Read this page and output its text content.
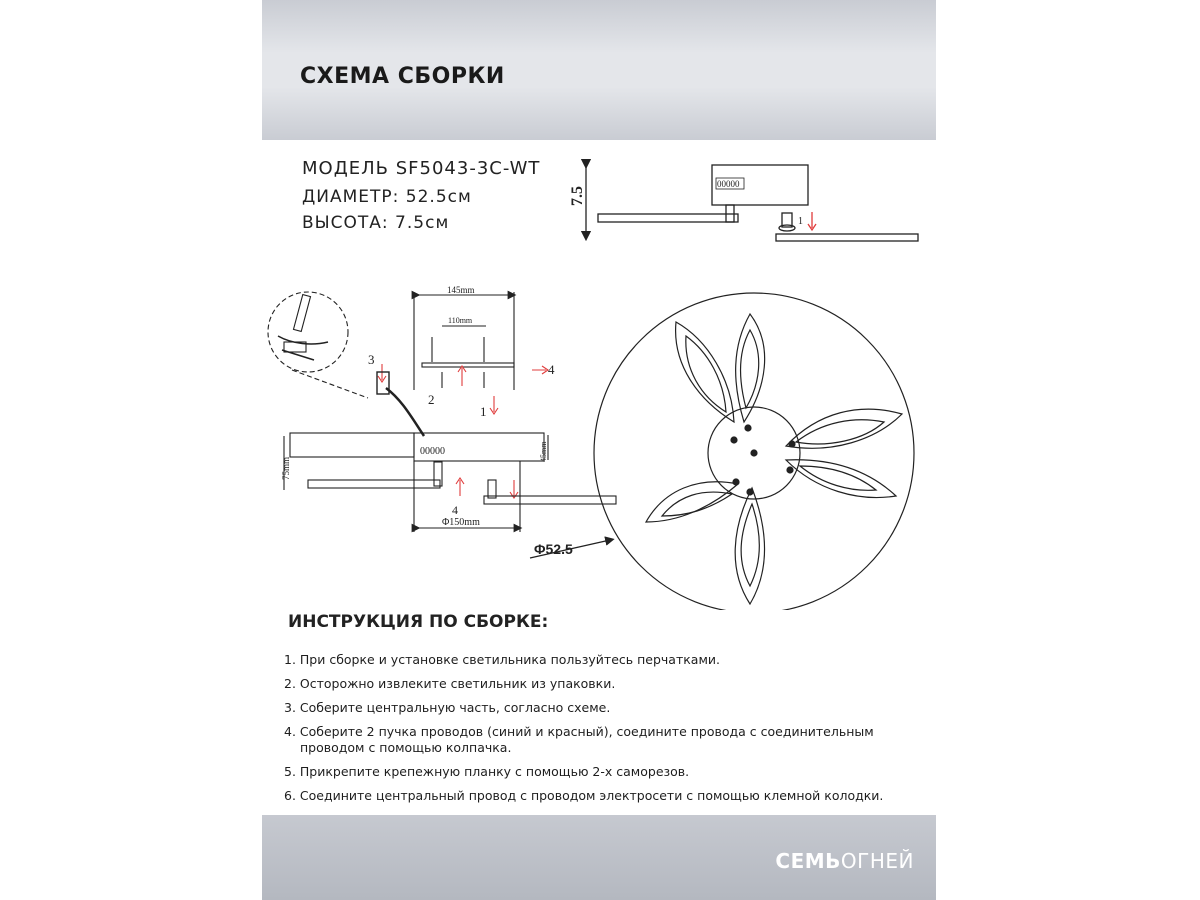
СХЕМА СБОРКИ
МОДЕЛЬ SF5043-3C-WT
ДИАМЕТР: 52.5см
ВЫСОТА: 7.5см
7.5
00000
1
145mm
110mm
3
4
2
1
4
00000	45mm
75mm
Φ150mm
Φ52.5
ИНСТРУКЦИЯ ПО СБОРКЕ:
1. При сборке и установке светильника пользуйтесь перчатками.
2. Осторожно извлеките светильник из упаковки.
3. Соберите центральную часть, согласно схеме.
4. Соберите 2 пучка проводов (синий и красный), соедините провода с соединительным
проводом с помощью колпачка.
5. Прикрепите крепежную планку с помощью 2-х саморезов.
6. Соедините центральный провод с проводом электросети с помощью клемной колодки.
СЕМЬОГНЕЙ
